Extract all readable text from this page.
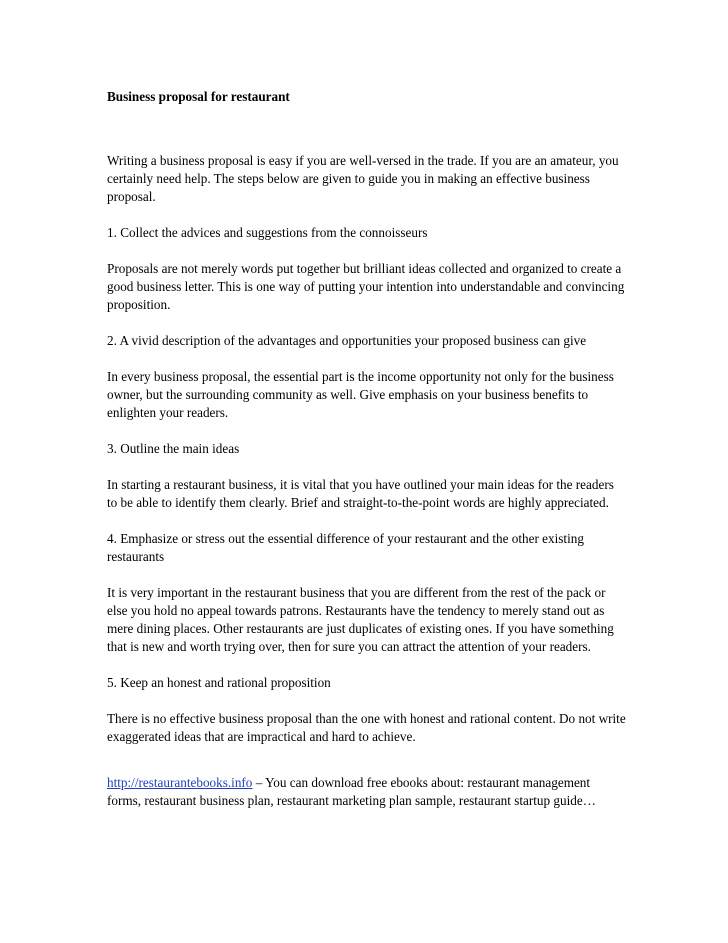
Business proposal for restaurant

Writing a business proposal is easy if you are well-versed in the trade. If you are an amateur, you certainly need help. The steps below are given to guide you in making an effective business proposal.

1. Collect the advices and suggestions from the connoisseurs

Proposals are not merely words put together but brilliant ideas collected and organized to create a good business letter. This is one way of putting your intention into understandable and convincing proposition.

2. A vivid description of the advantages and opportunities your proposed business can give

In every business proposal, the essential part is the income opportunity not only for the business owner, but the surrounding community as well. Give emphasis on your business benefits to enlighten your readers.

3. Outline the main ideas

In starting a restaurant business, it is vital that you have outlined your main ideas for the readers to be able to identify them clearly. Brief and straight-to-the-point words are highly appreciated.

4. Emphasize or stress out the essential difference of your restaurant and the other existing restaurants

It is very important in the restaurant business that you are different from the rest of the pack or else you hold no appeal towards patrons. Restaurants have the tendency to merely stand out as mere dining places. Other restaurants are just duplicates of existing ones. If you have something that is new and worth trying over, then for sure you can attract the attention of your readers.

5. Keep an honest and rational proposition

There is no effective business proposal than the one with honest and rational content. Do not write exaggerated ideas that are impractical and hard to achieve.

http://restaurantebooks.info – You can download free ebooks about: restaurant management forms, restaurant business plan, restaurant marketing plan sample, restaurant startup guide…
